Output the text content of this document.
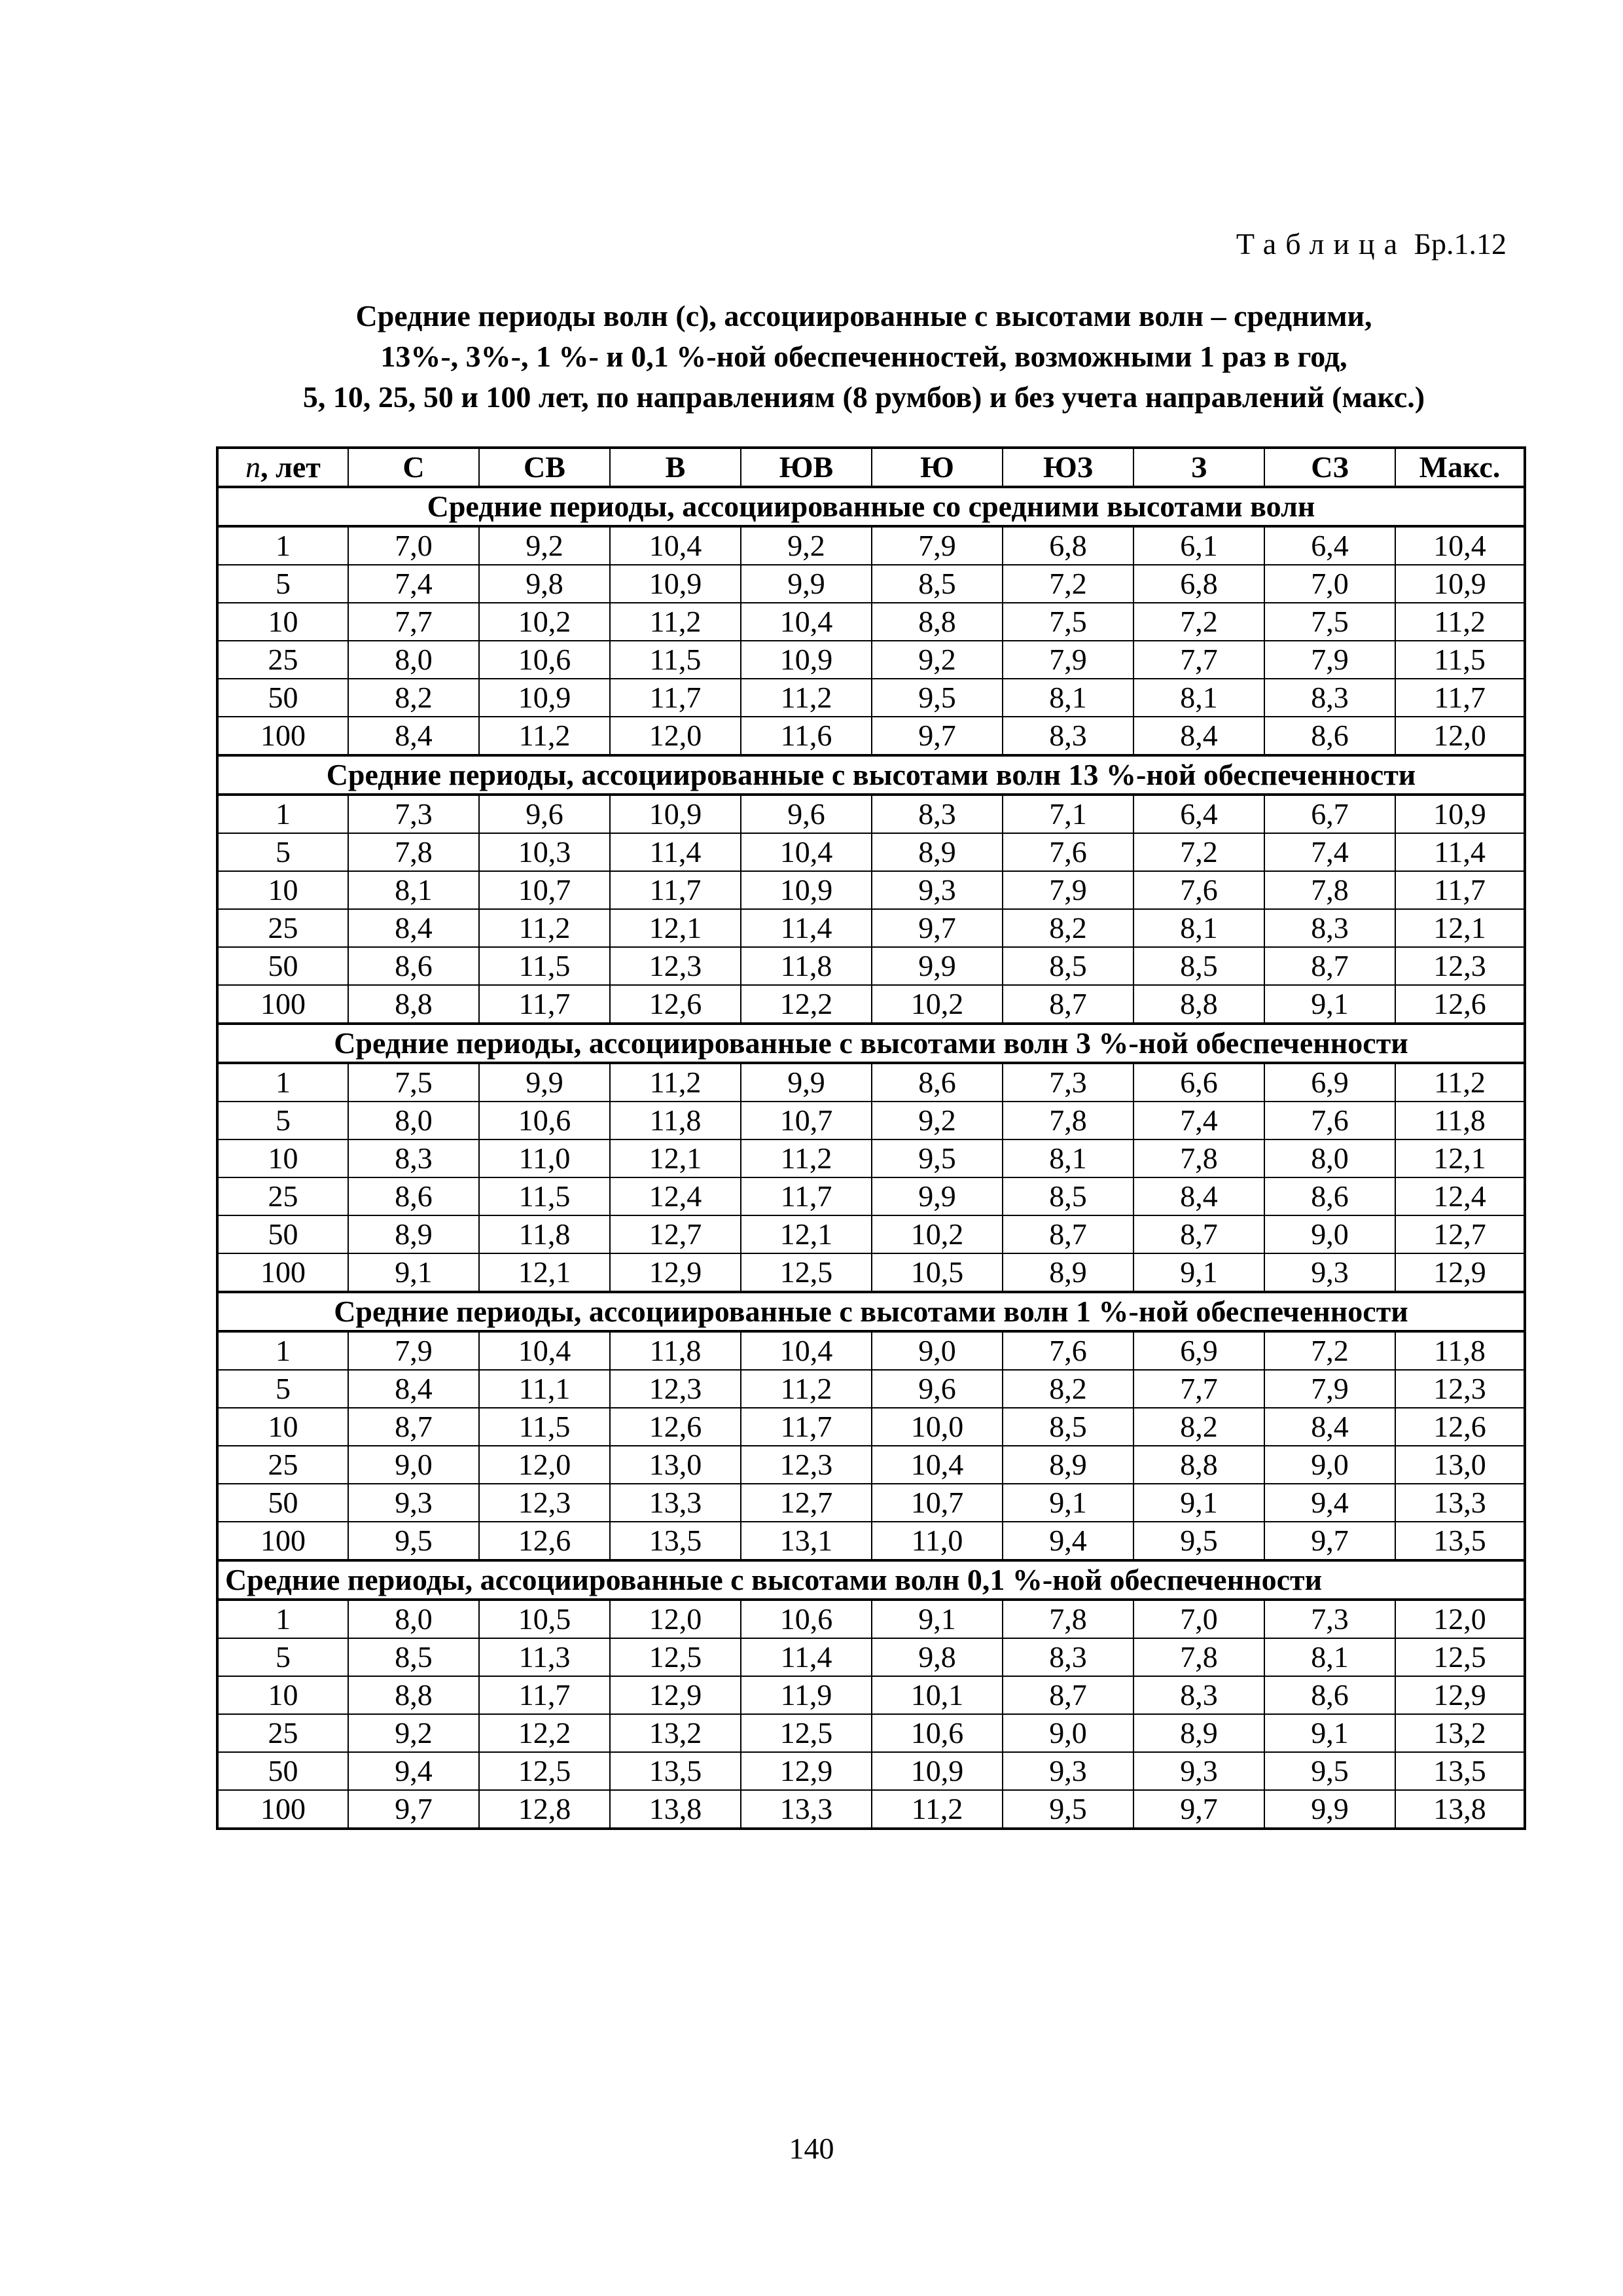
Таблица Бр.1.12
Средние периоды волн (с), ассоциированные с высотами волн – средними,
13%-, 3%-, 1 %- и 0,1 %-ной обеспеченностей, возможными 1 раз в год,
5, 10, 25, 50 и 100 лет, по направлениям (8 румбов) и без учета направлений (макс.)
n, лет	С	СВ	В	ЮВ	Ю	ЮЗ	З	СЗ	Макс.
Средние периоды, ассоциированные со средними высотами волн									
1	7,0	9,2	10,4	9,2	7,9	6,8	6,1	6,4	10,4
5	7,4	9,8	10,9	9,9	8,5	7,2	6,8	7,0	10,9
10	7,7	10,2	11,2	10,4	8,8	7,5	7,2	7,5	11,2
25	8,0	10,6	11,5	10,9	9,2	7,9	7,7	7,9	11,5
50	8,2	10,9	11,7	11,2	9,5	8,1	8,1	8,3	11,7
100	8,4	11,2	12,0	11,6	9,7	8,3	8,4	8,6	12,0
Средние периоды, ассоциированные с высотами волн 13 %-ной обеспеченности									
1	7,3	9,6	10,9	9,6	8,3	7,1	6,4	6,7	10,9
5	7,8	10,3	11,4	10,4	8,9	7,6	7,2	7,4	11,4
10	8,1	10,7	11,7	10,9	9,3	7,9	7,6	7,8	11,7
25	8,4	11,2	12,1	11,4	9,7	8,2	8,1	8,3	12,1
50	8,6	11,5	12,3	11,8	9,9	8,5	8,5	8,7	12,3
100	8,8	11,7	12,6	12,2	10,2	8,7	8,8	9,1	12,6
Средние периоды, ассоциированные с высотами волн 3 %-ной обеспеченности									
1	7,5	9,9	11,2	9,9	8,6	7,3	6,6	6,9	11,2
5	8,0	10,6	11,8	10,7	9,2	7,8	7,4	7,6	11,8
10	8,3	11,0	12,1	11,2	9,5	8,1	7,8	8,0	12,1
25	8,6	11,5	12,4	11,7	9,9	8,5	8,4	8,6	12,4
50	8,9	11,8	12,7	12,1	10,2	8,7	8,7	9,0	12,7
100	9,1	12,1	12,9	12,5	10,5	8,9	9,1	9,3	12,9
Средние периоды, ассоциированные с высотами волн 1 %-ной обеспеченности									
1	7,9	10,4	11,8	10,4	9,0	7,6	6,9	7,2	11,8
5	8,4	11,1	12,3	11,2	9,6	8,2	7,7	7,9	12,3
10	8,7	11,5	12,6	11,7	10,0	8,5	8,2	8,4	12,6
25	9,0	12,0	13,0	12,3	10,4	8,9	8,8	9,0	13,0
50	9,3	12,3	13,3	12,7	10,7	9,1	9,1	9,4	13,3
100	9,5	12,6	13,5	13,1	11,0	9,4	9,5	9,7	13,5
Средние периоды, ассоциированные с высотами волн 0,1 %-ной обеспеченности									
1	8,0	10,5	12,0	10,6	9,1	7,8	7,0	7,3	12,0
5	8,5	11,3	12,5	11,4	9,8	8,3	7,8	8,1	12,5
10	8,8	11,7	12,9	11,9	10,1	8,7	8,3	8,6	12,9
25	9,2	12,2	13,2	12,5	10,6	9,0	8,9	9,1	13,2
50	9,4	12,5	13,5	12,9	10,9	9,3	9,3	9,5	13,5
100	9,7	12,8	13,8	13,3	11,2	9,5	9,7	9,9	13,8
140
